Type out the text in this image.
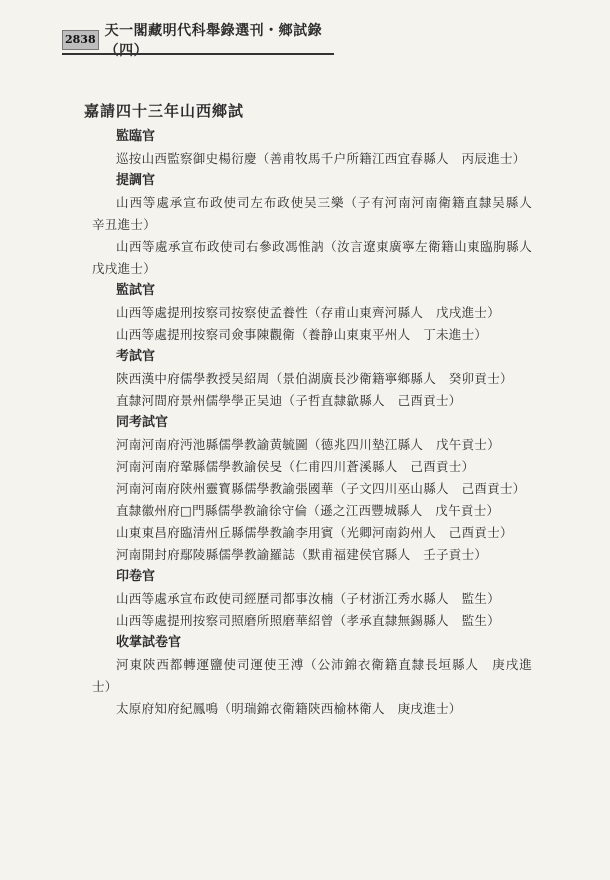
2838
天一閣藏明代科舉錄選刊・鄉試錄（四）
嘉請四十三年山西鄉試
監臨官
巡按山西監察御史楊衍慶（善甫牧馬千户所籍江西宜春縣人　丙辰進士）
提調官
山西等處承宣布政使司左布政使吴三樂（子有河南河南衛籍直隸吴縣人　辛丑進士）
山西等處承宣布政使司右參政馮惟訥（汝言遼東廣寧左衛籍山東臨朐縣人　戊戌進士）
監試官
山西等處提刑按察司按察使孟養性（存甫山東齊河縣人　戊戌進士）
山西等處提刑按察司僉事陳觀衛（養静山東東平州人　丁未進士）
考試官
陝西漢中府儒學教授吴紹周（景伯湖廣長沙衛籍寧鄉縣人　癸卯貢士）
直隸河間府景州儒學學正吴迪（子哲直隸歙縣人　己酉貢士）
同考試官
河南河南府沔池縣儒學教諭黄毓圖（德兆四川墊江縣人　戊午貢士）
河南河南府鞏縣儒學教諭侯旻（仁甫四川蒼溪縣人　己酉貢士）
河南河南府陝州靈寳縣儒學教諭張國華（子文四川巫山縣人　己酉貢士）
直隸徽州府□門縣儒學教諭徐守倫（遜之江西豐城縣人　戊午貢士）
山東東昌府臨清州丘縣儒學教諭李用賓（光卿河南鈞州人　己酉貢士）
河南開封府鄢陵縣儒學教諭羅誌（默甫福建侯官縣人　壬子貢士）
印卷官
山西等處承宣布政使司經歷司都事汝楠（子材浙江秀水縣人　監生）
山西等處提刑按察司照磨所照磨華紹曾（孝承直隸無錫縣人　監生）
收掌試卷官
河東陝西都轉運鹽使司運使王溥（公沛錦衣衛籍直隸長垣縣人　庚戌進士）
太原府知府紀鳳鳴（明瑞錦衣衛籍陝西榆林衛人　庚戌進士）
